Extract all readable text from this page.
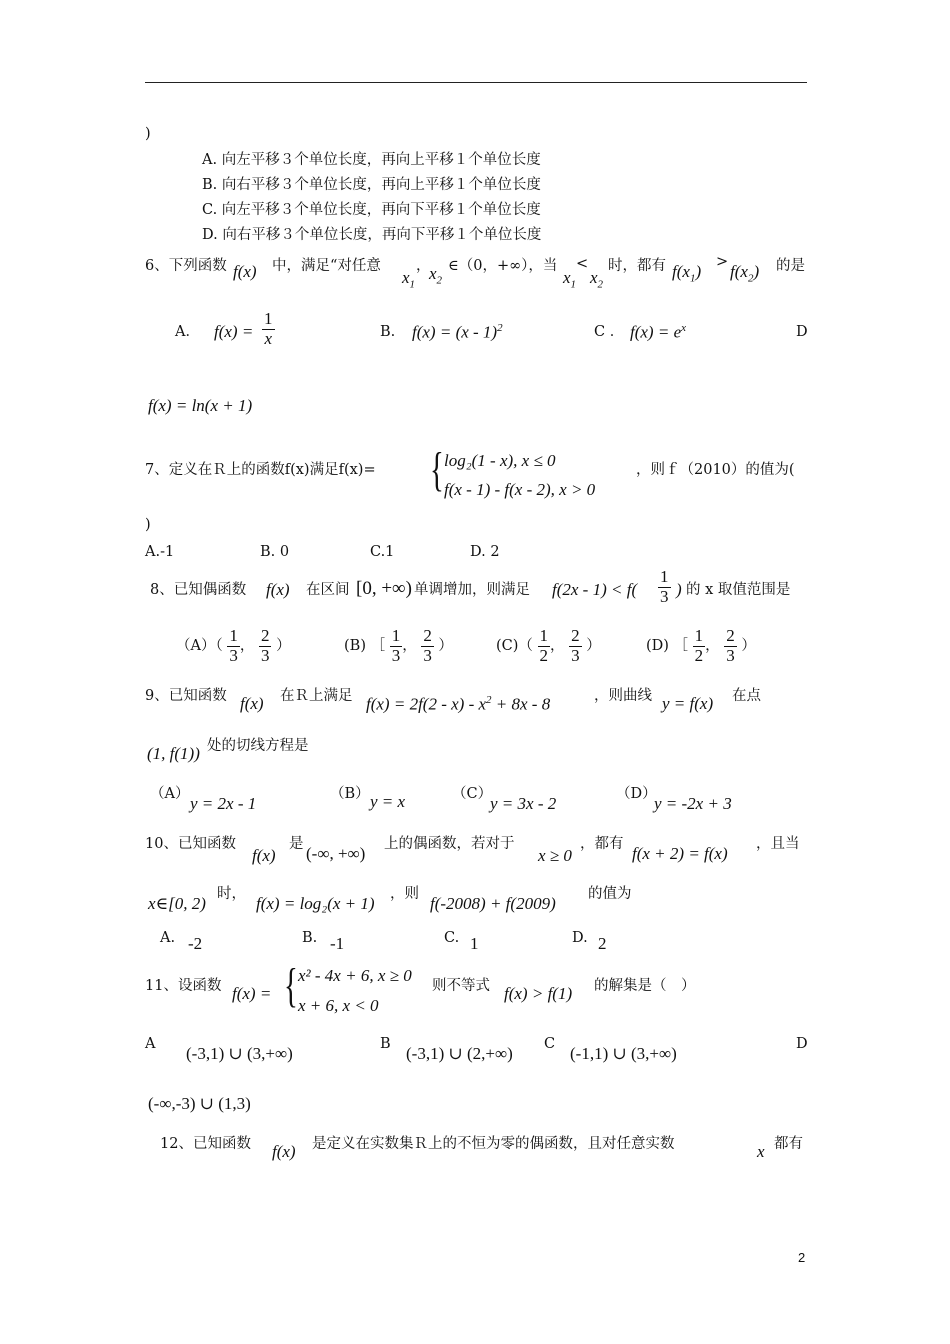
)
A. 向左平移３个单位长度，再向上平移１个单位长度
B. 向右平移３个单位长度，再向上平移１个单位长度
C. 向左平移３个单位长度，再向下平移１个单位长度
D. 向右平移３个单位长度，再向下平移１个单位长度
6、下列函数 f(x) 中，满足“对任意
$x_1$
，
$x_2$
∈（0，+∞），当
$x_1$
<
$x_2$
时，都有 $f(x_1) > f(x_2)$ 的是
A． $f(x) = \frac{1}{x}$	B. f(x) = (x - 1)$^2$	C ． $f(x) = e^x$	D
f(x) = ln(x + 1)
7、定义在Ｒ上的函数f(x)满足f(x)= { log₂(1 - x), x ≤ 0
f(x - 1) - f(x - 2), x > 0
，则ｆ（2010）的值为(
)
A.-1	B. 0	C.1	D. 2
8、已知偶函数 f(x) 在区间 [0, +∞) 单调增加，则满足 $f(2x - 1) < f( \frac{1}{3}$ ) 的 x 取值范围是
$(A)( \frac{1}{3}$ ， $\frac{2}{3}$ ）	(B) ［ $\frac{1}{3}$ ， $\frac{2}{3}$ ）	$(C)( \frac{1}{2}$ ， $\frac{2}{3}$ ）	(D) ［ $\frac{1}{2}$ ， $\frac{2}{3}$ ）
9、已知函数 f(x) 在Ｒ上满足 $f(x) = 2f(2 - x) - x^2 + 8x - 8$	，则曲线 y = f(x) 在点
(1, f(1)) 处的切线方程是
（A） y = 2x - 1	（B） y = x	（C）
y = 3x - 2	（D）
y = -2x + 3
10、已知函数
f(x)
是 (-∞, +∞) 上的偶函数，若对于
x ≥ 0
，都有 f(x + 2) = f(x) ，且当
x∈[0, 2) 时， f(x) = log₂(x + 1) ，则 f(-2008) + f(2009) 的值为
A. -2	B. -1	C. 1	D. 2
11、设函数 f(x) = { x² - 4x + 6, x ≥ 0
x + 6, x < 0
则不等式 f(x) > f(1) 的解集是（　）
A (-3,1) ∪ (3,+∞)	B (-3,1) ∪ (2,+∞) C (-1,1) ∪ (3,+∞)	D
(-∞,-3) ∪ (1,3)
12、已知函数 f(x) 是定义在实数集Ｒ上的不恒为零的偶函数，且对任意实数	x 都有
2
